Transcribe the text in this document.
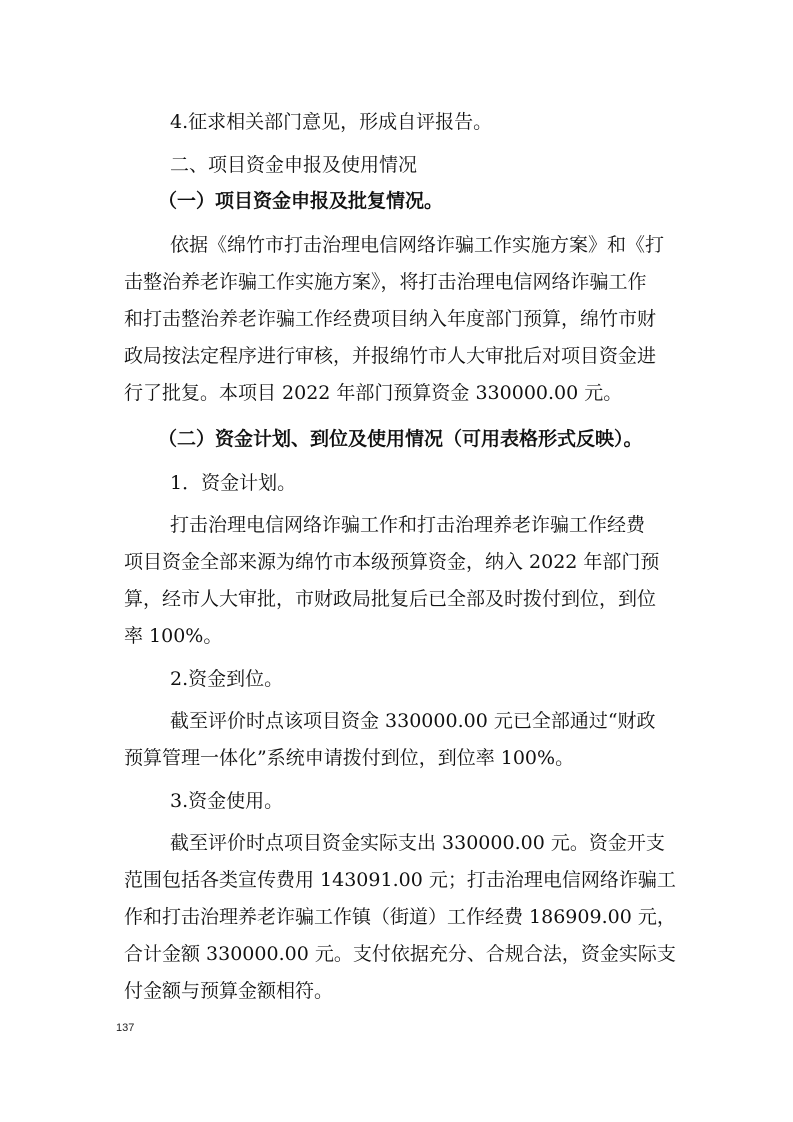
4.征求相关部门意见，形成自评报告。
二、项目资金申报及使用情况
（一）项目资金申报及批复情况。
依据《绵竹市打击治理电信网络诈骗工作实施方案》和《打
击整治养老诈骗工作实施方案》，将打击治理电信网络诈骗工作
和打击整治养老诈骗工作经费项目纳入年度部门预算，绵竹市财
政局按法定程序进行审核，并报绵竹市人大审批后对项目资金进
行了批复。本项目 2022 年部门预算资金 330000.00 元。
（二）资金计划、到位及使用情况（可用表格形式反映）。
1．资金计划。
打击治理电信网络诈骗工作和打击治理养老诈骗工作经费
项目资金全部来源为绵竹市本级预算资金，纳入 2022 年部门预
算，经市人大审批，市财政局批复后已全部及时拨付到位，到位
率 100%。
2.资金到位。
截至评价时点该项目资金 330000.00 元已全部通过“财政
预算管理一体化”系统申请拨付到位，到位率 100%。
3.资金使用。
截至评价时点项目资金实际支出 330000.00 元。资金开支
范围包括各类宣传费用 143091.00 元；打击治理电信网络诈骗工
作和打击治理养老诈骗工作镇（街道）工作经费 186909.00 元，
合计金额 330000.00 元。支付依据充分、合规合法，资金实际支
付金额与预算金额相符。
137
